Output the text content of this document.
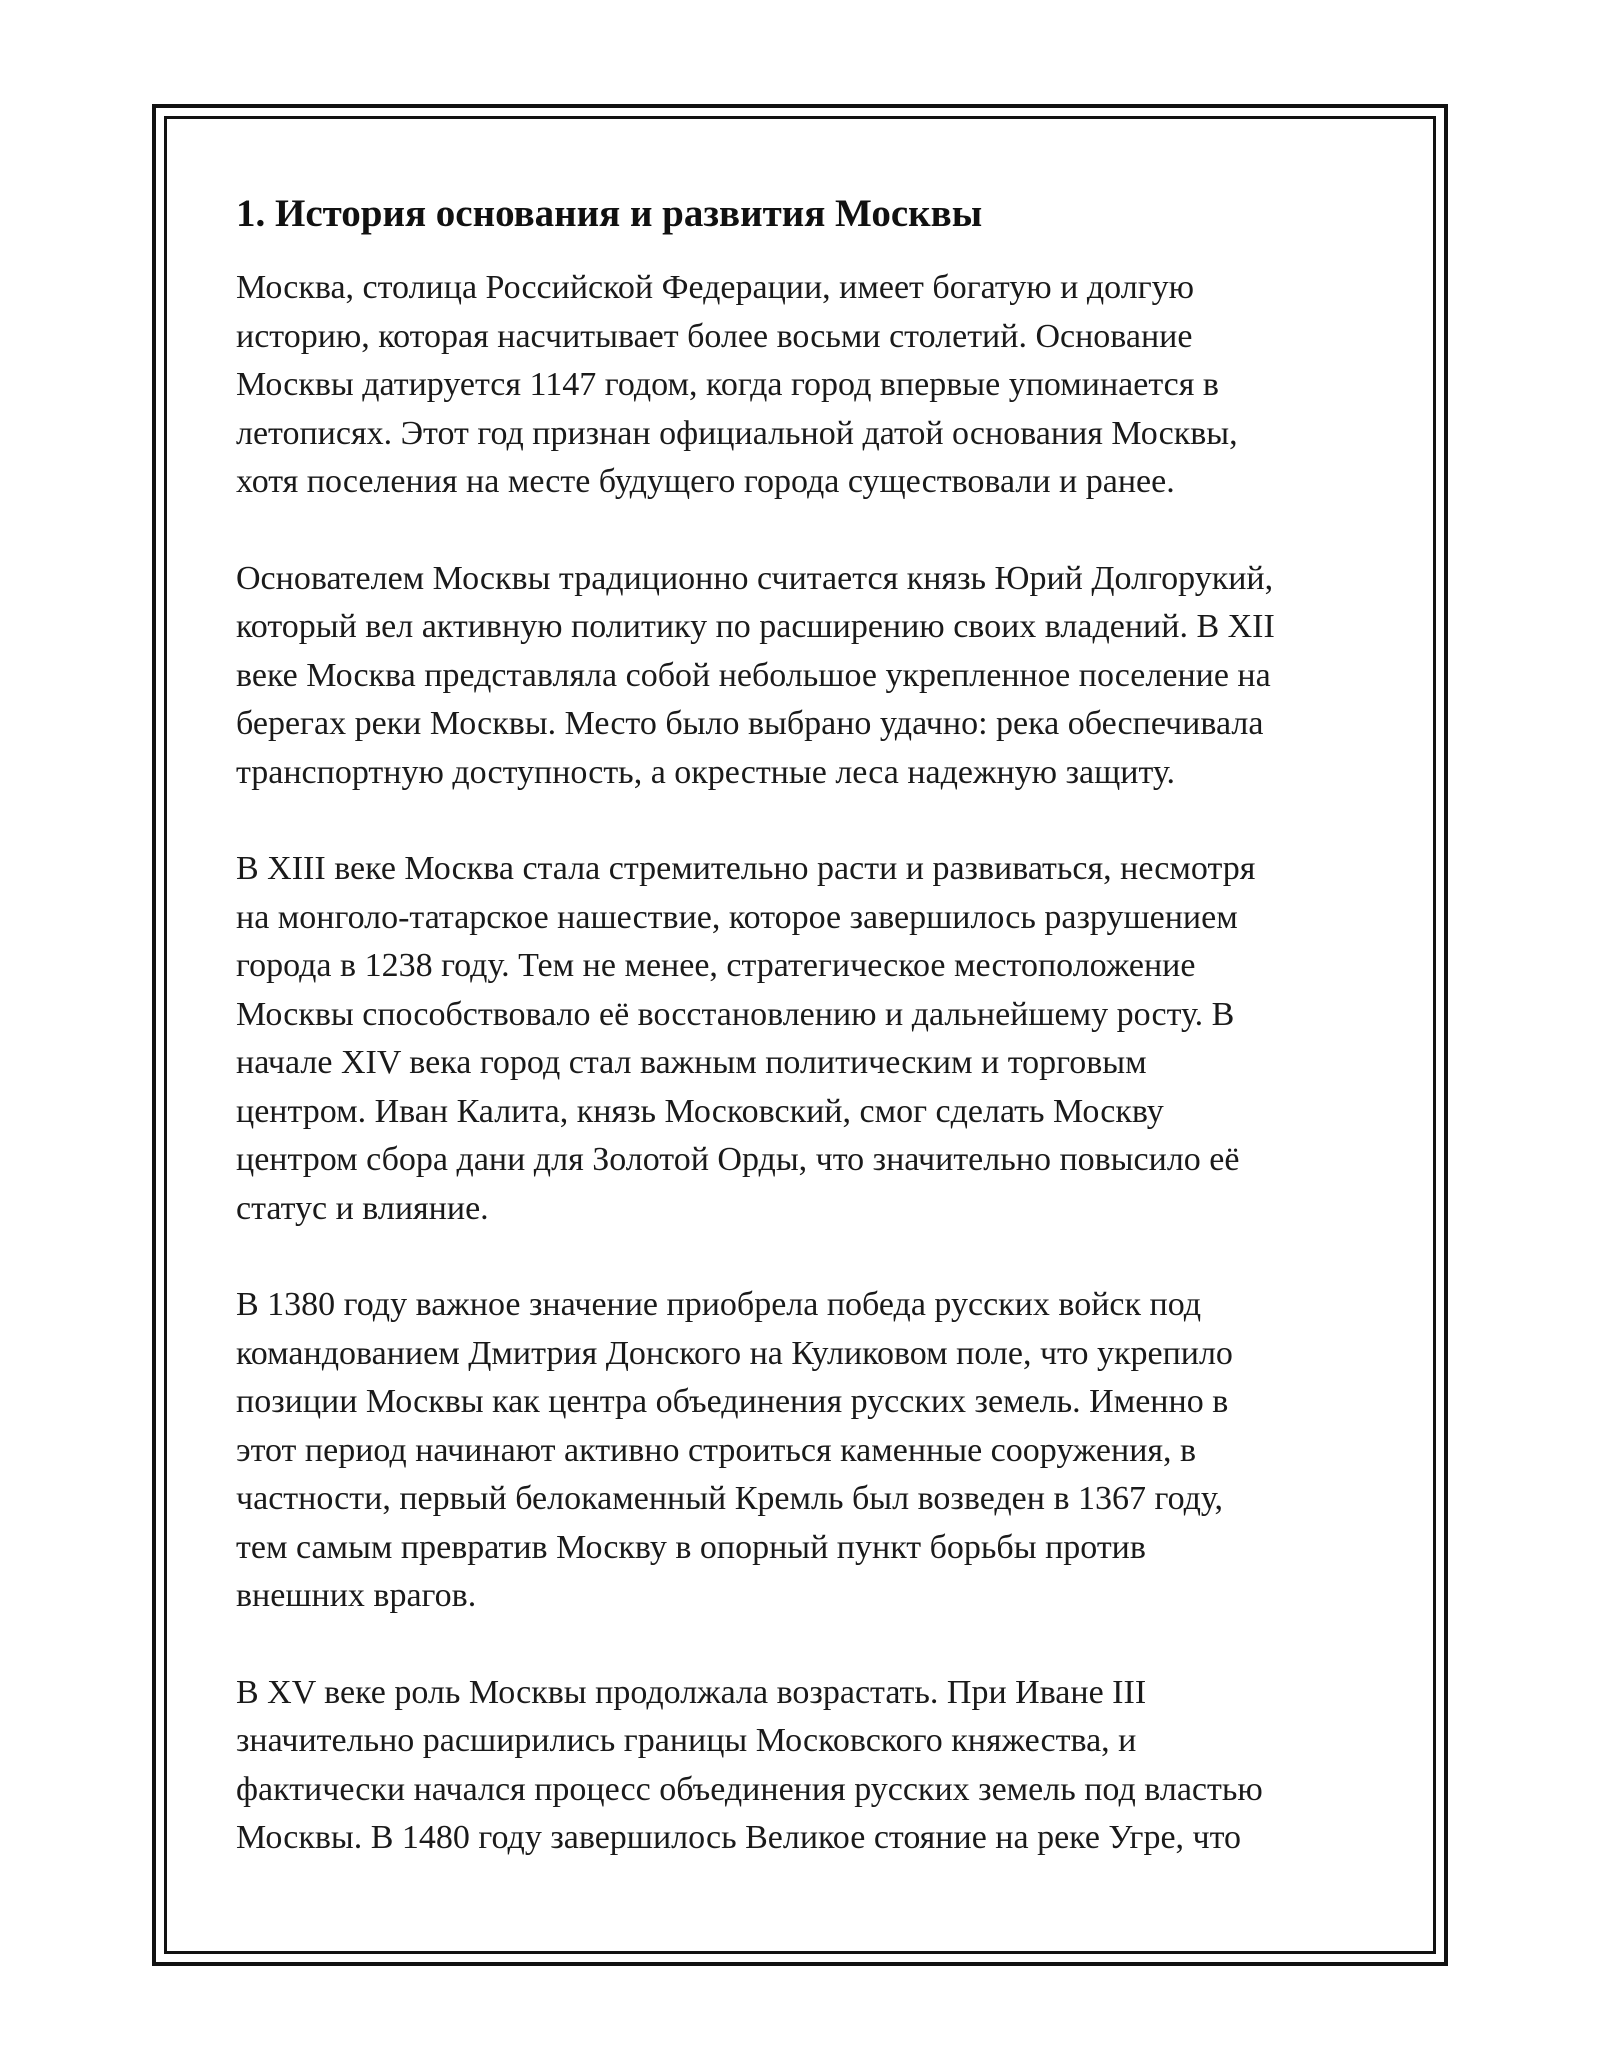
1. История основания и развития Москвы

Москва, столица Российской Федерации, имеет богатую и долгую
историю, которая насчитывает более восьми столетий. Основание
Москвы датируется 1147 годом, когда город впервые упоминается в
летописях. Этот год признан официальной датой основания Москвы,
хотя поселения на месте будущего города существовали и ранее.

Основателем Москвы традиционно считается князь Юрий Долгорукий,
который вел активную политику по расширению своих владений. В XII
веке Москва представляла собой небольшое укрепленное поселение на
берегах реки Москвы. Место было выбрано удачно: река обеспечивала
транспортную доступность, а окрестные леса надежную защиту.

В XIII веке Москва стала стремительно расти и развиваться, несмотря
на монголо-татарское нашествие, которое завершилось разрушением
города в 1238 году. Тем не менее, стратегическое местоположение
Москвы способствовало её восстановлению и дальнейшему росту. В
начале XIV века город стал важным политическим и торговым
центром. Иван Калита, князь Московский, смог сделать Москву
центром сбора дани для Золотой Орды, что значительно повысило её
статус и влияние.

В 1380 году важное значение приобрела победа русских войск под
командованием Дмитрия Донского на Куликовом поле, что укрепило
позиции Москвы как центра объединения русских земель. Именно в
этот период начинают активно строиться каменные сооружения, в
частности, первый белокаменный Кремль был возведен в 1367 году,
тем самым превратив Москву в опорный пункт борьбы против
внешних врагов.

В XV веке роль Москвы продолжала возрастать. При Иване III
значительно расширились границы Московского княжества, и
фактически начался процесс объединения русских земель под властью
Москвы. В 1480 году завершилось Великое стояние на реке Угре, что
